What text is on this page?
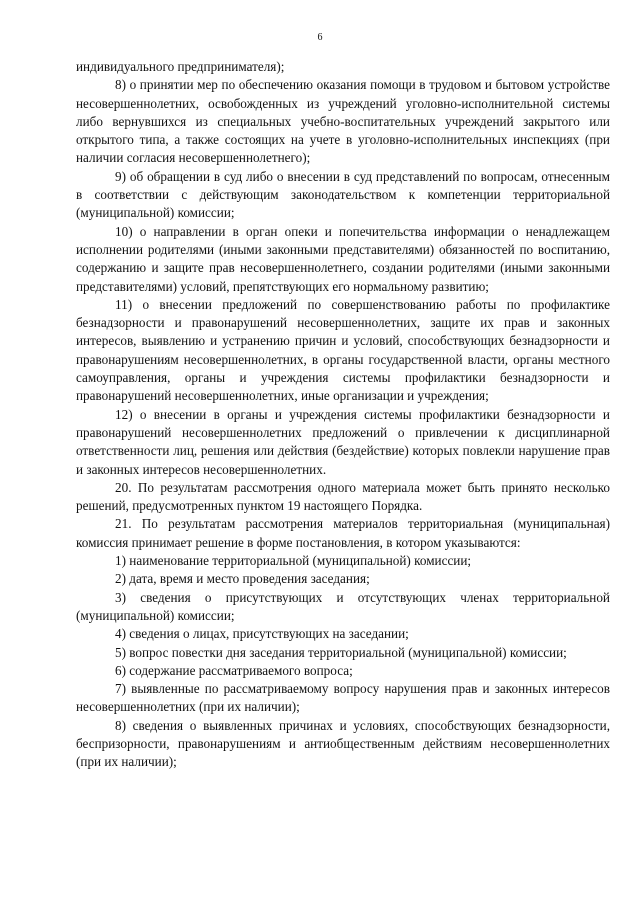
6

индивидуального предпринимателя);

8) о принятии мер по обеспечению оказания помощи в трудовом и бытовом устройстве несовершеннолетних, освобожденных из учреждений уголовно-исполнительной системы либо вернувшихся из специальных учебно-воспитательных учреждений закрытого или открытого типа, а также состоящих на учете в уголовно-исполнительных инспекциях (при наличии согласия несовершеннолетнего);

9) об обращении в суд либо о внесении в суд представлений по вопросам, отнесенным в соответствии с действующим законодательством к компетенции территориальной (муниципальной) комиссии;

10) о направлении в орган опеки и попечительства информации о ненадлежащем исполнении родителями (иными законными представителями) обязанностей по воспитанию, содержанию и защите прав несовершеннолетнего, создании родителями (иными законными представителями) условий, препятствующих его нормальному развитию;

11) о внесении предложений по совершенствованию работы по профилактике безнадзорности и правонарушений несовершеннолетних, защите их прав и законных интересов, выявлению и устранению причин и условий, способствующих безнадзорности и правонарушениям несовершеннолетних, в органы государственной власти, органы местного самоуправления, органы и учреждения системы профилактики безнадзорности и правонарушений несовершеннолетних, иные организации и учреждения;

12) о внесении в органы и учреждения системы профилактики безнадзорности и правонарушений несовершеннолетних предложений о привлечении к дисциплинарной ответственности лиц, решения или действия (бездействие) которых повлекли нарушение прав и законных интересов несовершеннолетних.

20. По результатам рассмотрения одного материала может быть принято несколько решений, предусмотренных пунктом 19 настоящего Порядка.

21. По результатам рассмотрения материалов территориальная (муниципальная) комиссия принимает решение в форме постановления, в котором указываются:

1) наименование территориальной (муниципальной) комиссии;

2) дата, время и место проведения заседания;

3) сведения о присутствующих и отсутствующих членах территориальной (муниципальной) комиссии;

4) сведения о лицах, присутствующих на заседании;

5) вопрос повестки дня заседания территориальной (муниципальной) комиссии;

6) содержание рассматриваемого вопроса;

7) выявленные по рассматриваемому вопросу нарушения прав и законных интересов несовершеннолетних (при их наличии);

8) сведения о выявленных причинах и условиях, способствующих безнадзорности, беспризорности, правонарушениям и антиобщественным действиям несовершеннолетних (при их наличии);
